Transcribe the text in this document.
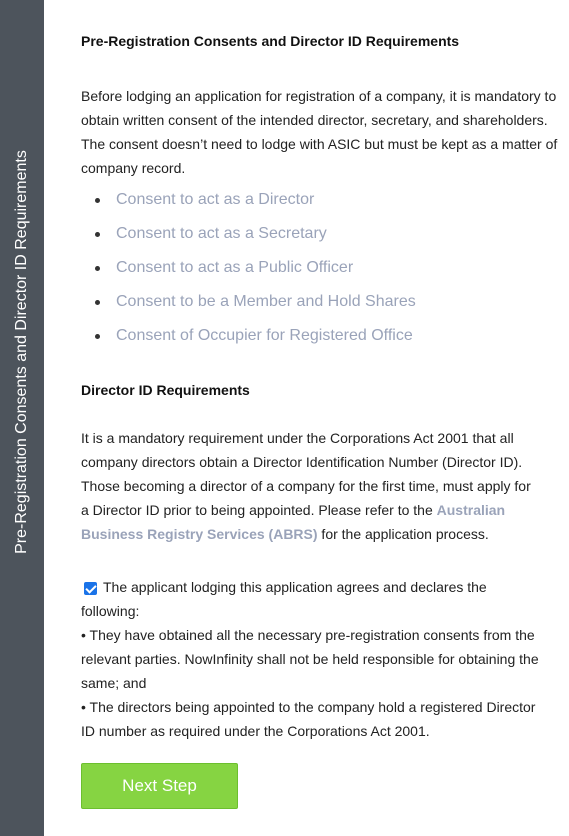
Pre-Registration Consents and Director ID Requirements
Pre-Registration Consents and Director ID Requirements
Before lodging an application for registration of a company, it is mandatory to obtain written consent of the intended director, secretary, and shareholders. The consent doesn’t need to lodge with ASIC but must be kept as a matter of company record.
Consent to act as a Director
Consent to act as a Secretary
Consent to act as a Public Officer
Consent to be a Member and Hold Shares
Consent of Occupier for Registered Office
Director ID Requirements
It is a mandatory requirement under the Corporations Act 2001 that all company directors obtain a Director Identification Number (Director ID). Those becoming a director of a company for the first time, must apply for a Director ID prior to being appointed. Please refer to the Australian Business Registry Services (ABRS) for the application process.
The applicant lodging this application agrees and declares the following:
• They have obtained all the necessary pre-registration consents from the relevant parties. NowInfinity shall not be held responsible for obtaining the same; and
• The directors being appointed to the company hold a registered Director ID number as required under the Corporations Act 2001.
Next Step
